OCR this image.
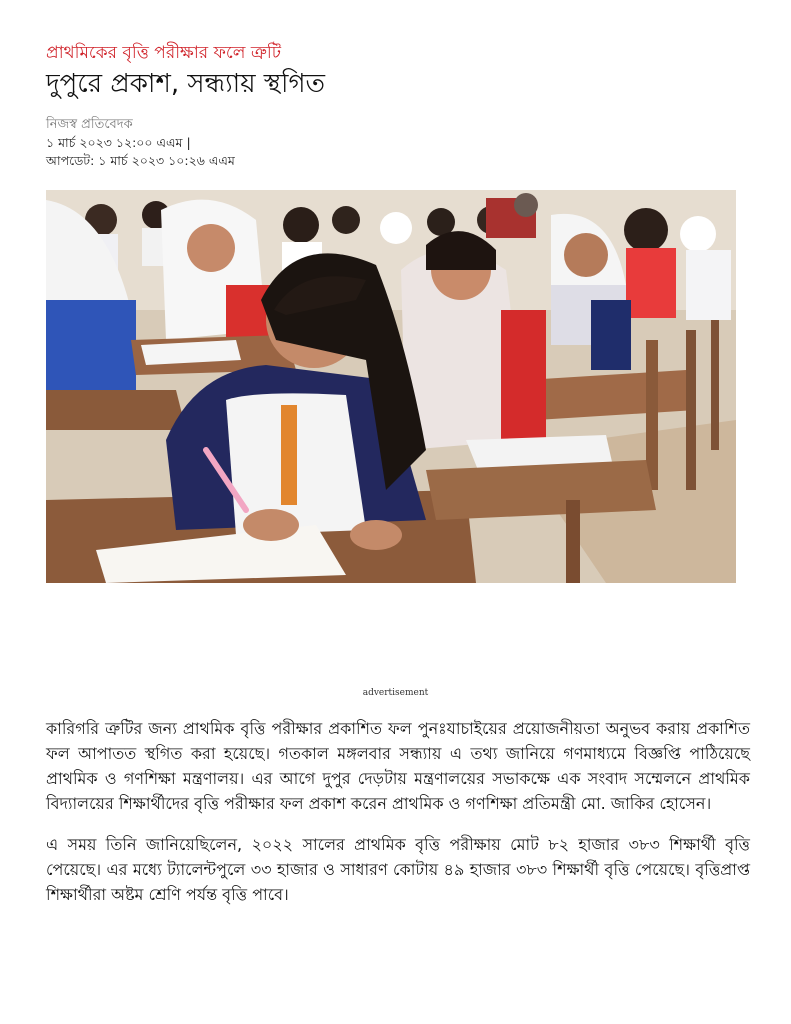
প্রাথমিকের বৃত্তি পরীক্ষার ফলে ত্রুটি

দুপুরে প্রকাশ, সন্ধ্যায় স্থগিত

নিজস্ব প্রতিবেদক

১ মার্চ ২০২৩ ১২:০০ এএম |

আপডেট: ১ মার্চ ২০২৩ ১০:২৬ এএম

advertisement

কারিগরি ত্রুটির জন্য প্রাথমিক বৃত্তি পরীক্ষার প্রকাশিত ফল পুনঃযাচাইয়ের প্রয়োজনীয়তা অনুভব করায় প্রকাশিত ফল আপাতত স্থগিত করা হয়েছে। গতকাল মঙ্গলবার সন্ধ্যায় এ তথ্য জানিয়ে গণমাধ্যমে বিজ্ঞপ্তি পাঠিয়েছে প্রাথমিক ও গণশিক্ষা মন্ত্রণালয়। এর আগে দুপুর দেড়টায় মন্ত্রণালয়ের সভাকক্ষে এক সংবাদ সম্মেলনে প্রাথমিক বিদ্যালয়ের শিক্ষার্থীদের বৃত্তি পরীক্ষার ফল প্রকাশ করেন প্রাথমিক ও গণশিক্ষা প্রতিমন্ত্রী মো. জাকির হোসেন।

এ সময় তিনি জানিয়েছিলেন, ২০২২ সালের প্রাথমিক বৃত্তি পরীক্ষায় মোট ৮২ হাজার ৩৮৩ শিক্ষার্থী বৃত্তি পেয়েছে। এর মধ্যে ট্যালেন্টপুলে ৩৩ হাজার ও সাধারণ কোটায় ৪৯ হাজার ৩৮৩ শিক্ষার্থী বৃত্তি পেয়েছে। বৃত্তিপ্রাপ্ত শিক্ষার্থীরা অষ্টম শ্রেণি পর্যন্ত বৃত্তি পাবে।
